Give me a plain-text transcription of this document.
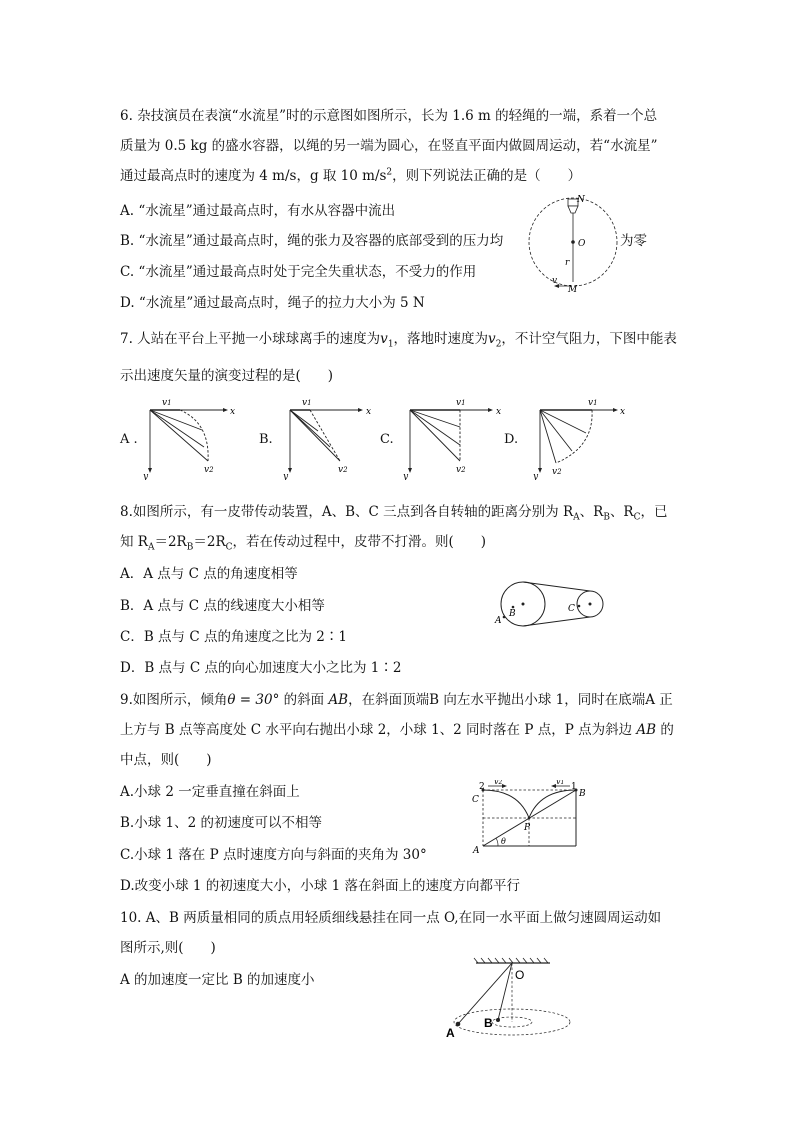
6. 杂技演员在表演“水流星”时的示意图如图所示，长为 1.6 m 的轻绳的一端，系着一个总
质量为 0.5 kg 的盛水容器，以绳的另一端为圆心，在竖直平面内做圆周运动，若“水流星”
通过最高点时的速度为 4 m/s，g 取 10 $m/s^2$，则下列说法正确的是（　　）
A. “水流星”通过最高点时，有水从容器中流出
B. “水流星”通过最高点时，绳的张力及容器的底部受到的压力均	为零
C. “水流星”通过最高点时处于完全失重状态，不受力的作用
D. “水流星”通过最高点时，绳子的拉力大小为 5 N
N
O
r
v
M
7. 人站在平台上平抛一小球球离手的速度为$v_1$，落地时速度为$v_2$，不计空气阻力，下图中能表
示出速度矢量的演变过程的是(　　)
A .	B.	C.	D.
v1
x
y
v2
v1
x
y
v2
v1
x
y
v2
v1
x
y v2
8.如图所示，有一皮带传动装置，A、B、C 三点到各自转轴的距离分别为 $R_A$、$R_B$、$R_C$，已
知 $R_A=2R_B=2R_C$，若在传动过程中，皮带不打滑。则(　　)
A．A 点与 C 点的角速度相等
B．A 点与 C 点的线速度大小相等
C．B 点与 C 点的角速度之比为 2∶1
D．B 点与 C 点的向心加速度大小之比为 1∶2
B	C
A
9.如图所示，倾角θ = 30° 的斜面 AB，在斜面顶端B 向左水平抛出小球 1，同时在底端A 正
上方与 B 点等高度处 C 水平向右抛出小球 2，小球 1、2 同时落在 P 点，P 点为斜边 AB 的
中点，则(　　)
A.小球 2 一定垂直撞在斜面上
B.小球 1、2 的初速度可以不相等
C.小球 1 落在 P 点时速度方向与斜面的夹角为 30°
D.改变小球 1 的初速度大小，小球 1 落在斜面上的速度方向都平行
C
2
v2	v1 1
B
P
A
θ
10. A、B 两质量相同的质点用轻质细线悬挂在同一点 O,在同一水平面上做匀速圆周运动如
图所示,则(　　)
A 的加速度一定比 B 的加速度小	O
A
B
